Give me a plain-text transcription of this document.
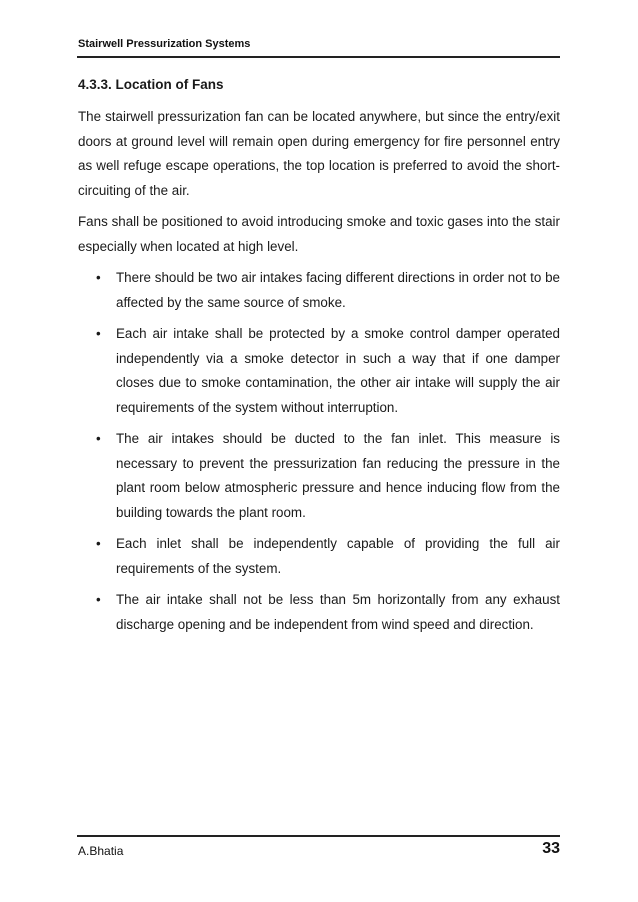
Stairwell Pressurization Systems
4.3.3. Location of Fans

The stairwell pressurization fan can be located anywhere, but since the entry/exit doors at ground level will remain open during emergency for fire personnel entry as well refuge escape operations, the top location is preferred to avoid the short-circuiting of the air.

Fans shall be positioned to avoid introducing smoke and toxic gases into the stair especially when located at high level.

• There should be two air intakes facing different directions in order not to be affected by the same source of smoke.
• Each air intake shall be protected by a smoke control damper operated independently via a smoke detector in such a way that if one damper closes due to smoke contamination, the other air intake will supply the air requirements of the system without interruption.
• The air intakes should be ducted to the fan inlet. This measure is necessary to prevent the pressurization fan reducing the pressure in the plant room below atmospheric pressure and hence inducing flow from the building towards the plant room.
• Each inlet shall be independently capable of providing the full air requirements of the system.
• The air intake shall not be less than 5m horizontally from any exhaust discharge opening and be independent from wind speed and direction.
A.Bhatia	33
